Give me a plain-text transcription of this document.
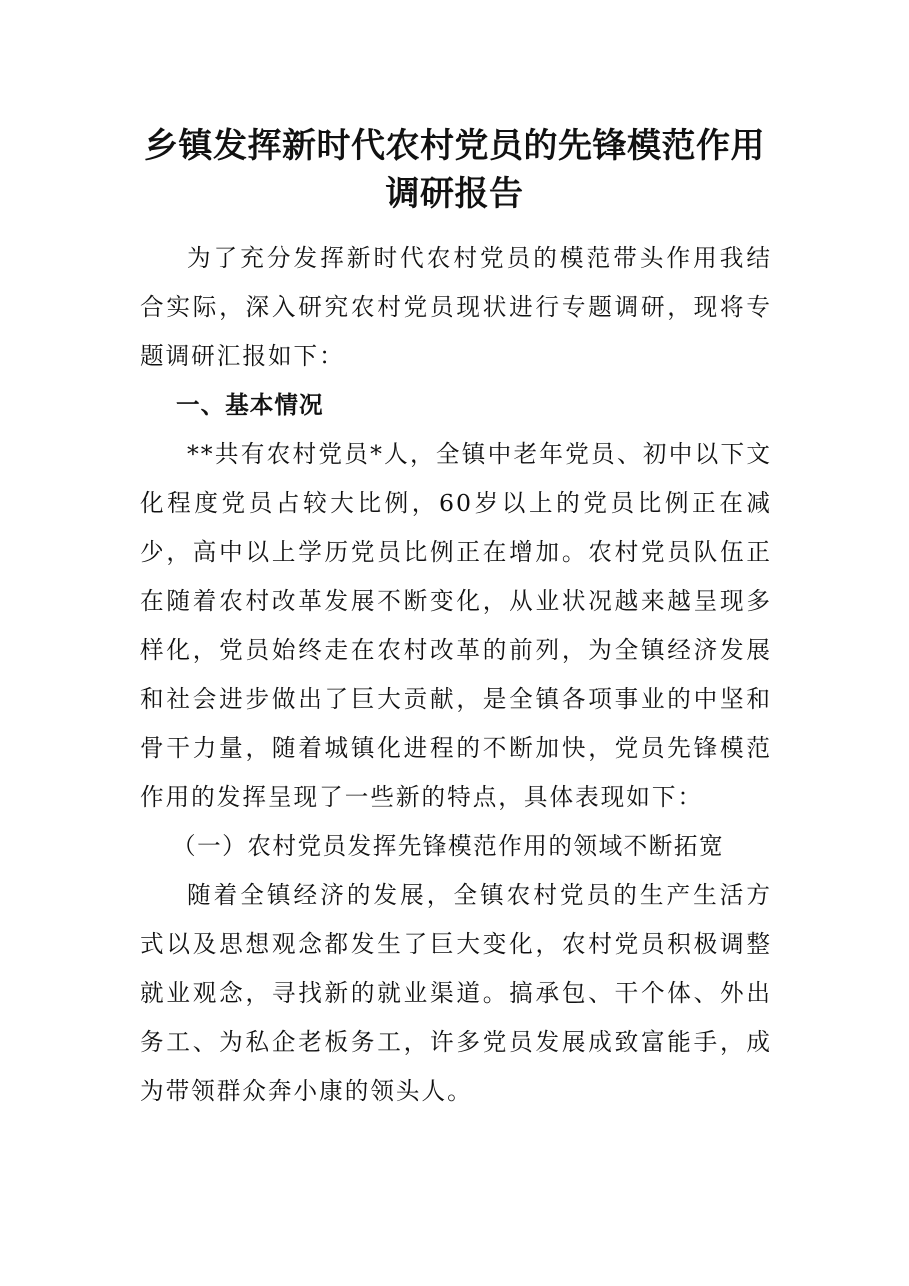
乡镇发挥新时代农村党员的先锋模范作用
调研报告

为了充分发挥新时代农村党员的模范带头作用我结合实际，深入研究农村党员现状进行专题调研，现将专题调研汇报如下：

一、基本情况

**共有农村党员*人，全镇中老年党员、初中以下文化程度党员占较大比例，60岁以上的党员比例正在减少，高中以上学历党员比例正在增加。农村党员队伍正在随着农村改革发展不断变化，从业状况越来越呈现多样化，党员始终走在农村改革的前列，为全镇经济发展和社会进步做出了巨大贡献，是全镇各项事业的中坚和骨干力量，随着城镇化进程的不断加快，党员先锋模范作用的发挥呈现了一些新的特点，具体表现如下：

（一）农村党员发挥先锋模范作用的领域不断拓宽

随着全镇经济的发展，全镇农村党员的生产生活方式以及思想观念都发生了巨大变化，农村党员积极调整就业观念，寻找新的就业渠道。搞承包、干个体、外出务工、为私企老板务工，许多党员发展成致富能手，成为带领群众奔小康的领头人。
